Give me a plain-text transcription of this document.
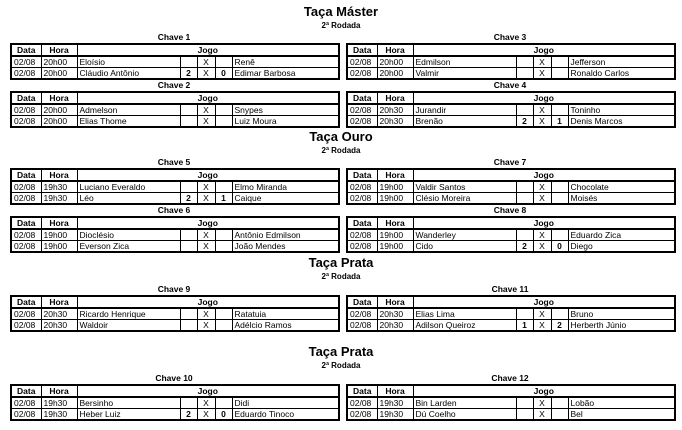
Taça Máster
2ª Rodada
Taça Ouro
2ª Rodada
Taça Prata
2ª Rodada
Taça Prata
2ª Rodada
Chave 1
Data	Hora	Jogo				
02/08	20h00	Eloísio		X		Renê
02/08	20h00	Cláudio Antônio	2	X	0	Edimar Barbosa
Chave 3
Data	Hora	Jogo				
02/08	20h00	Edmilson		X		Jefferson
02/08	20h00	Valmir		X		Ronaldo Carlos
Chave 2
Data	Hora	Jogo				
02/08	20h00	Admelson		X		Snypes
02/08	20h00	Elias Thome		X		Luiz Moura
Chave 4
Data	Hora	Jogo				
02/08	20h30	Jurandir		X		Toninho
02/08	20h30	Brenão	2	X	1	Denis Marcos
Chave 5
Data	Hora	Jogo				
02/08	19h30	Luciano Everaldo		X		Elmo Miranda
02/08	19h30	Léo	2	X	1	Caique
Chave 7
Data	Hora	Jogo				
02/08	19h00	Valdir Santos		X		Chocolate
02/08	19h00	Clésio Moreira		X		Moisés
Chave 6
Data	Hora	Jogo				
02/08	19h00	Dioclésio		X		Antônio Edmilson
02/08	19h00	Everson Zica		X		João Mendes
Chave 8
Data	Hora	Jogo				
02/08	19h00	Wanderley		X		Eduardo Zica
02/08	19h00	Cido	2	X	0	Diego
Chave 9
Data	Hora	Jogo				
02/08	20h30	Ricardo Henrique		X		Ratatuia
02/08	20h30	Waldoir		X		Adélcio Ramos
Chave 11
Data	Hora	Jogo				
02/08	20h30	Elias Lima		X		Bruno
02/08	20h30	Adilson Queiroz	1	X	2	Herberth Júnio
Chave 10
Data	Hora	Jogo				
02/08	19h30	Bersinho		X		Didi
02/08	19h30	Heber Luiz	2	X	0	Eduardo Tinoco
Chave 12
Data	Hora	Jogo				
02/08	19h30	Bin Larden		X		Lobão
02/08	19h30	Dú Coelho		X		Bel
